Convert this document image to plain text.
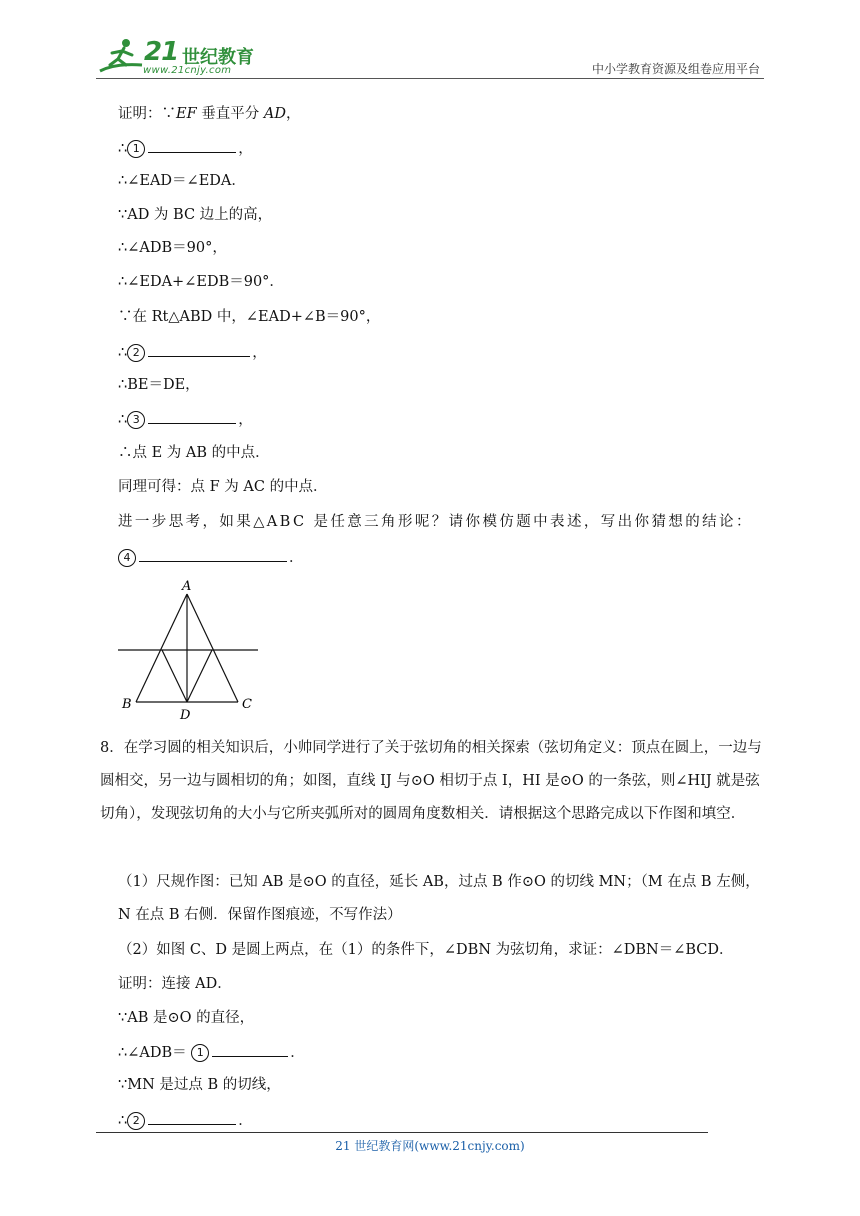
21 世纪教育
www.21cnjy.com	中小学教育资源及组卷应用平台
证明：∵EF 垂直平分 AD，
∴ 1	，
∴∠EAD＝∠EDA．
∵AD 为 BC 边上的高，
∴∠ADB＝90°，
∴∠EDA+∠EDB＝90°．
∵在 Rt△ABD 中，∠EAD+∠B＝90°，
∴ 2	，
∴BE＝DE，
∴ 3	，
∴点 E 为 AB 的中点．
同理可得：点 F 为 AC 的中点．
进一步思考，如果△ABC 是任意三角形呢？请你模仿题中表述，写出你猜想的结论：
4	．
A
B	C
D
8．在学习圆的相关知识后，小帅同学进行了关于弦切角的相关探索（弦切角定义：顶点在圆上，一边与圆相交，另一边与圆相切的角；如图，直线 IJ 与⊙O 相切于点 I，HI 是⊙O 的一条弦，则∠HIJ 就是弦切角），发现弦切角的大小与它所夹弧所对的圆周角度数相关．请根据这个思路完成以下作图和填空．
（1）尺规作图：已知 AB 是⊙O 的直径，延长 AB，过点 B 作⊙O 的切线 MN；（M 在点 B 左侧，N 在点 B 右侧．保留作图痕迹，不写作法）
（2）如图 C、D 是圆上两点，在（1）的条件下，∠DBN 为弦切角，求证：∠DBN＝∠BCD．
证明：连接 AD．
∵AB 是⊙O 的直径，
∴∠ADB＝ 1	．
∵MN 是过点 B 的切线，
∴ 2	．
21 世纪教育网(www.21cnjy.com)
